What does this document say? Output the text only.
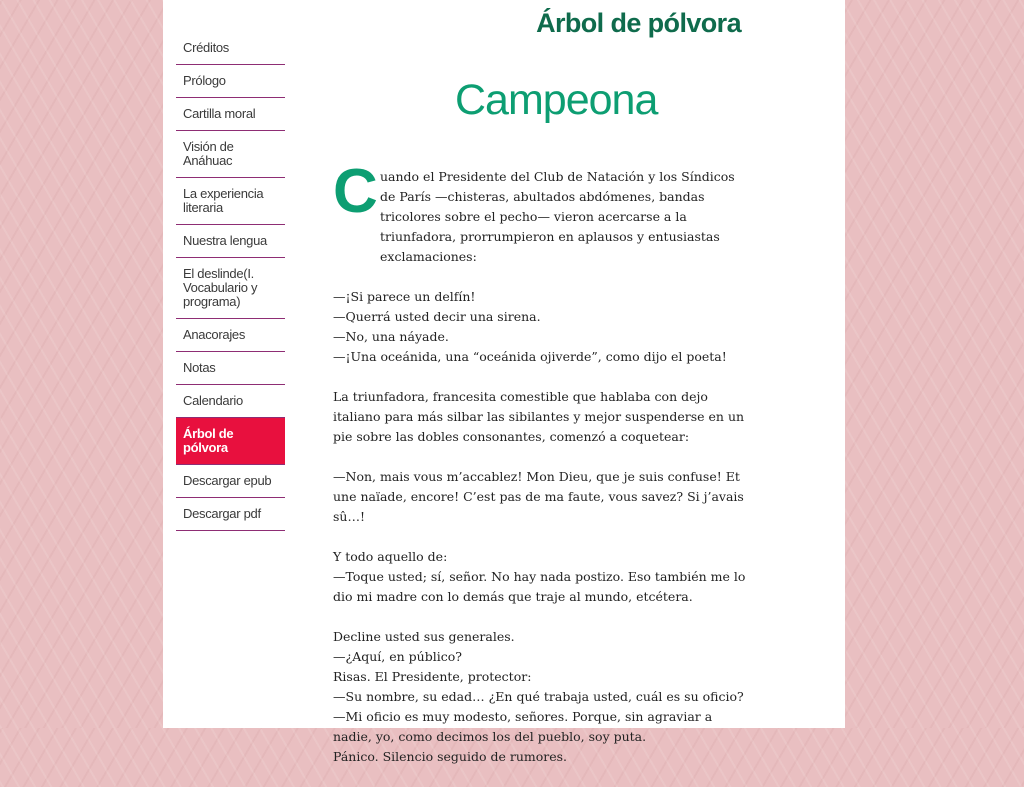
Créditos
Prólogo
Cartilla moral
Visión de Anáhuac
La experiencia literaria
Nuestra lengua
El deslinde(I. Vocabulario y programa)
Anacorajes
Notas
Calendario
Árbol de pólvora
Descargar epub
Descargar pdf
Árbol de pólvora
Campeona

C uando el Presidente del Club de Natación y los Síndicos de París —chisteras, abultados abdómenes, bandas tricolores sobre el pecho— vieron acercarse a la triunfadora, prorrumpieron en aplausos y entusiastas exclamaciones:

—¡Si parece un delfín!
—Querrá usted decir una sirena.
—No, una náyade.
—¡Una oceánida, una “oceánida ojiverde”, como dijo el poeta!

La triunfadora, francesita comestible que hablaba con dejo italiano para más silbar las sibilantes y mejor suspenderse en un pie sobre las dobles consonantes, comenzó a coquetear:

—Non, mais vous m’accablez! Mon Dieu, que je suis confuse! Et une naïade, encore! C’est pas de ma faute, vous savez? Si j’avais sû…!

Y todo aquello de:
—Toque usted; sí, señor. No hay nada postizo. Eso también me lo dio mi madre con lo demás que traje al mundo, etcétera.

Decline usted sus generales.
—¿Aquí, en público?
Risas. El Presidente, protector:
—Su nombre, su edad… ¿En qué trabaja usted, cuál es su oficio?
—Mi oficio es muy modesto, señores. Porque, sin agraviar a nadie, yo, como decimos los del pueblo, soy puta.
Pánico. Silencio seguido de rumores.
